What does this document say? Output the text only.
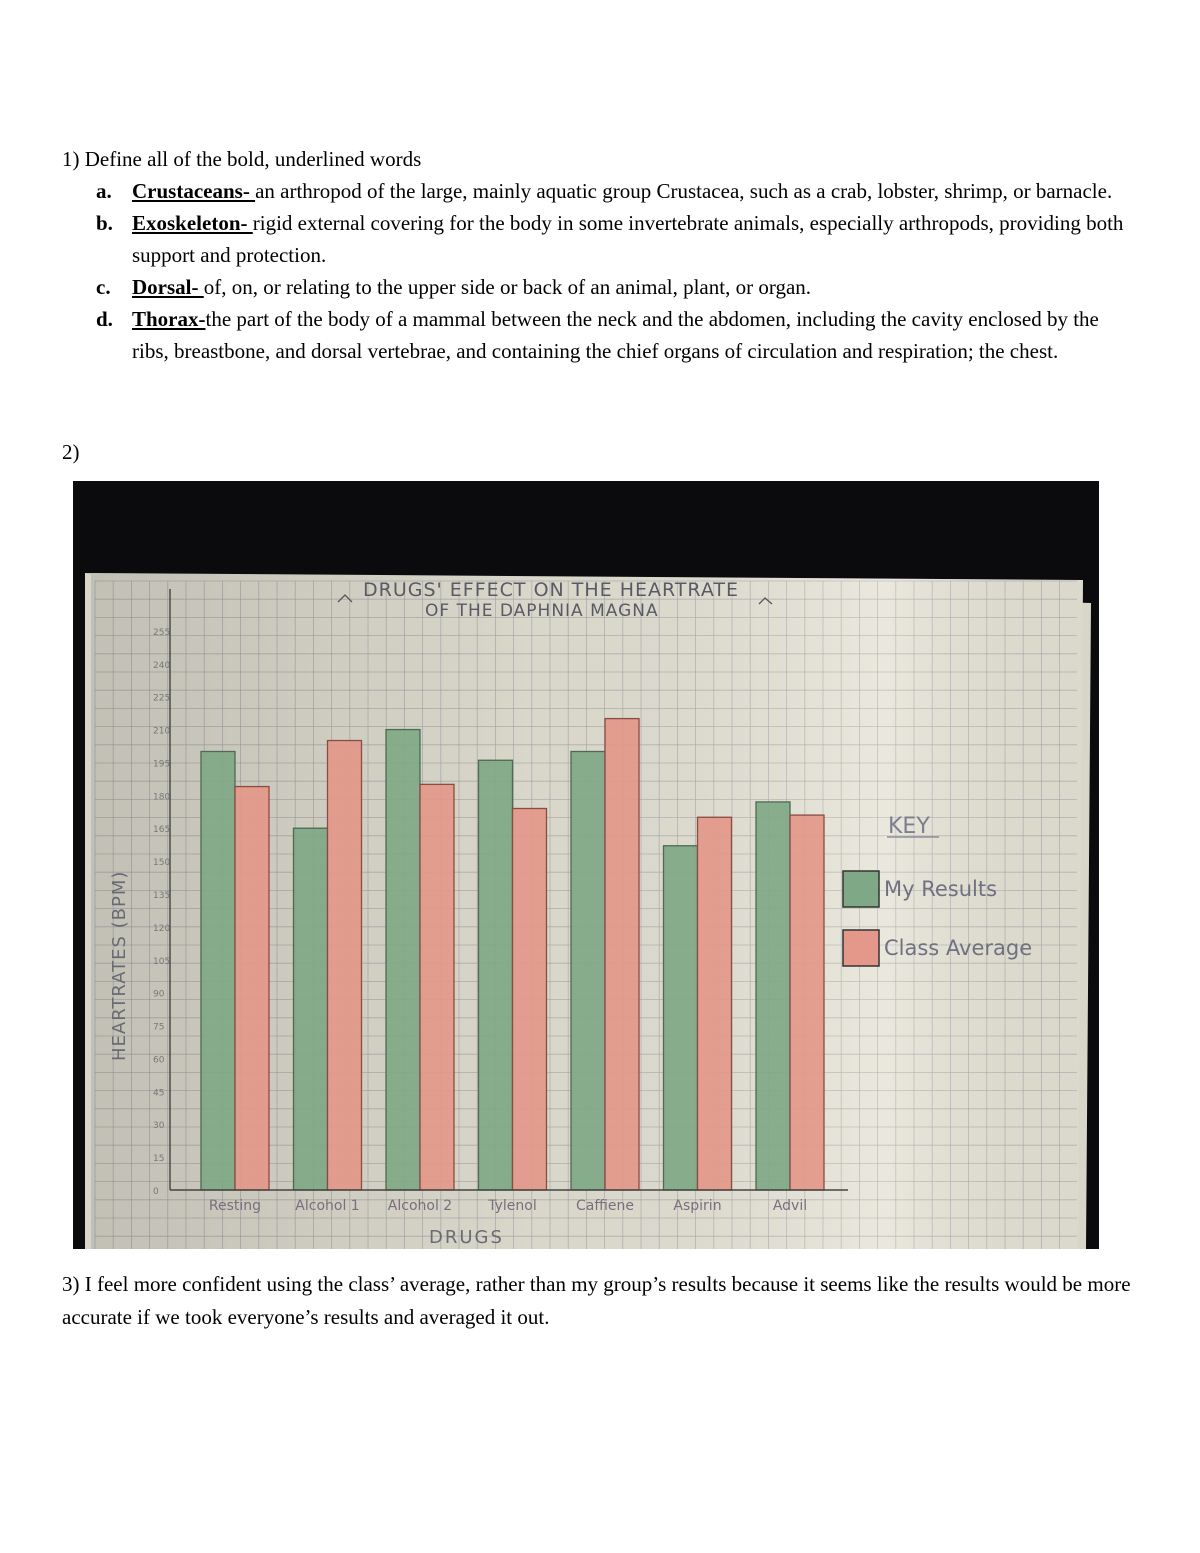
1) Define all of the bold, underlined words
a. Crustaceans- an arthropod of the large, mainly aquatic group Crustacea, such as a crab, lobster, shrimp, or barnacle.
b. Exoskeleton- rigid external covering for the body in some invertebrate animals, especially arthropods, providing both support and protection.
c.	Dorsal- of, on, or relating to the upper side or back of an animal, plant, or organ.
d. Thorax-the part of the body of a mammal between the neck and the abdomen, including the cavity enclosed by the ribs, breastbone, and dorsal vertebrae, and containing the chief organs of circulation and respiration; the chest.
2)
0
15
30
45
60
75
90
105
120
135
150
165
180
195
210
225
240
255
Resting Alcohol 1 Alcohol 2	Tylenol	Caffiene	Aspirin	Advil
DRUGS' EFFECT ON THE HEARTRATE
OF THE DAPHNIA MAGNA
HEARTRATES (BPM)
DRUGS
KEY
My Results
Class Average
3) I feel more confident using the class’ average, rather than my group’s results because it seems like the results would be more accurate if we took everyone’s results and averaged it out.
